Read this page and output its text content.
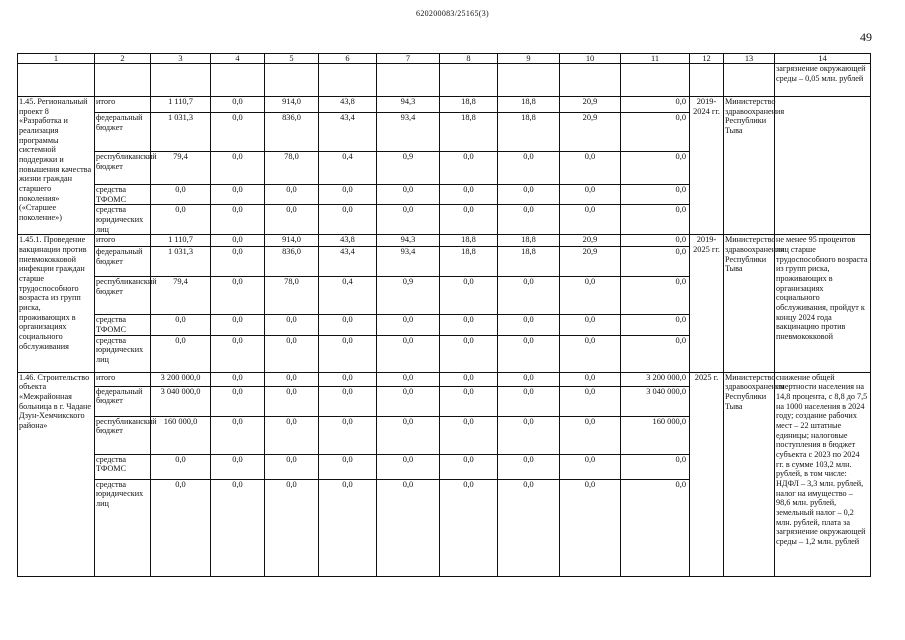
620200083/25165(3)
49
1	2	3	4	5	6	7	8	9	10	11	12	13	14
													загрязнение окружающей среды – 0,05 млн. рублей
1.45. Региональный проект 8 «Разработка и реализация программы системной поддержки и повышения качества жизни граждан старшего поколения» («Старшее поколение»)	итого	1 110,7	0,0	914,0	43,8	94,3	18,8	18,8	20,9	0,0	2019-2024 гг.	Министерство здравоохранения Республики Тыва	
	федеральный бюджет	1 031,3	0,0	836,0	43,4	93,4	18,8	18,8	20,9	0,0			
	республиканский бюджет	79,4	0,0	78,0	0,4	0,9	0,0	0,0	0,0	0,0			
	средства ТФОМС	0,0	0,0	0,0	0,0	0,0	0,0	0,0	0,0	0,0			
	средства юридических лиц	0,0	0,0	0,0	0,0	0,0	0,0	0,0	0,0	0,0			
1.45.1. Проведение вакцинации против пневмококковой инфекции граждан старше трудоспособного возраста из групп риска, проживающих в организациях социального обслуживания	итого	1 110,7	0,0	914,0	43,8	94,3	18,8	18,8	20,9	0,0	2019-2025 гг.	Министерство здравоохранения Республики Тыва	не менее 95 процентов лиц старше трудоспособного возраста из групп риска, проживающих в организациях социального обслуживания, пройдут к концу 2024 года вакцинацию против пневмококковой
	федеральный бюджет	1 031,3	0,0	836,0	43,4	93,4	18,8	18,8	20,9	0,0			
	республиканский бюджет	79,4	0,0	78,0	0,4	0,9	0,0	0,0	0,0	0,0			
	средства ТФОМС	0,0	0,0	0,0	0,0	0,0	0,0	0,0	0,0	0,0			
	средства юридических лиц	0,0	0,0	0,0	0,0	0,0	0,0	0,0	0,0	0,0			
1.46. Строительство объекта «Межрайонная больница в г. Чадане Дзун-Хемчикского района»	итого	3 200 000,0	0,0	0,0	0,0	0,0	0,0	0,0	0,0	3 200 000,0	2025 г.	Министерство здравоохранения Республики Тыва	снижение общей смертности населения на 14,8 процента, с 8,8 до 7,5 на 1000 населения в 2024 году; создание рабочих мест – 22 штатные единицы; налоговые поступления в бюджет субъекта с 2023 по 2024 гг. в сумме 103,2 млн. рублей, в том числе: НДФЛ – 3,3 млн. рублей, налог на имущество – 98,6 млн. рублей, земельный налог – 0,2 млн. рублей, плата за загрязнение окружающей среды – 1,2 млн. рублей
	федеральный бюджет	3 040 000,0	0,0	0,0	0,0	0,0	0,0	0,0	0,0	3 040 000,0			
	республиканский бюджет	160 000,0	0,0	0,0	0,0	0,0	0,0	0,0	0,0	160 000,0			
	средства ТФОМС	0,0	0,0	0,0	0,0	0,0	0,0	0,0	0,0	0,0			
	средства юридических лиц	0,0	0,0	0,0	0,0	0,0	0,0	0,0	0,0	0,0			
